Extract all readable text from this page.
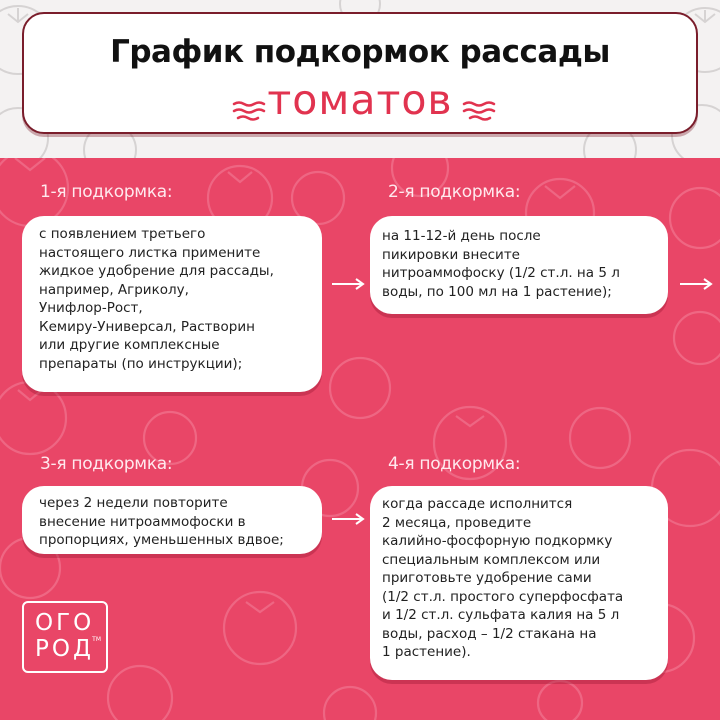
График подкормок рассады
томатов
1-я подкормка:

с появлением третьего

настоящего листка примените

жидкое удобрение для рассады,

например, Агриколу,

Унифлор-Рост,

Кемиру-Универсал, Растворин

или другие комплексные

препараты (по инструкции);

2-я подкормка:

на 11-12-й день после

пикировки внесите

нитроаммофоску (1/2 ст.л. на 5 л

воды, по 100 мл на 1 растение);

3-я подкормка:

через 2 недели повторите

внесение нитроаммофоски в

пропорциях, уменьшенных вдвое;

4-я подкормка:

когда рассаде исполнится

2 месяца, проведите

калийно-фосфорную подкормку

специальным комплексом или

приготовьте удобрение сами

(1/2 ст.л. простого суперфосфата

и 1/2 ст.л. сульфата калия на 5 л

воды, расход – 1/2 стакана на

1 растение).

ОГО
РОД
TM
